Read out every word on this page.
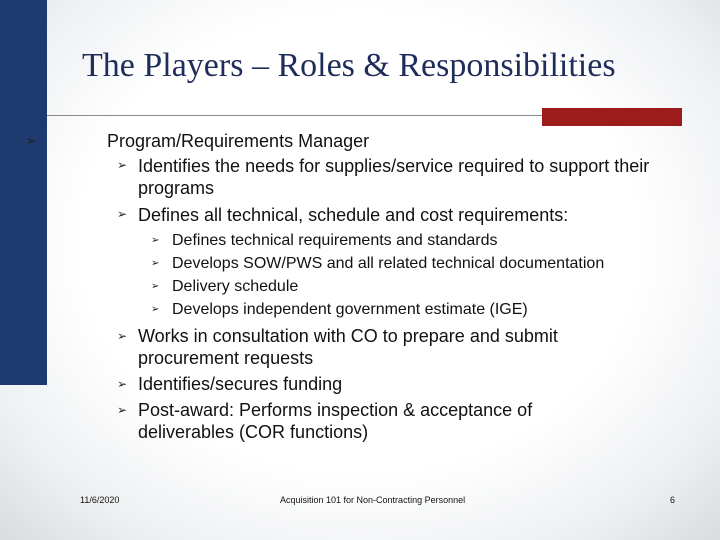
The Players – Roles & Responsibilities
➢	Program/Requirements Manager
➢ Identifies the needs for supplies/service required to support their programs
➢ Defines all technical, schedule and cost requirements:
➢ Defines technical requirements and standards
➢ Develops SOW/PWS and all related technical documentation
➢ Delivery schedule
➢ Develops independent government estimate (IGE)
➢ Works in consultation with CO to prepare and submit procurement requests
➢ Identifies/secures funding
➢ Post-award: Performs inspection & acceptance of deliverables (COR functions)
11/6/2020	Acquisition 101 for Non-Contracting Personnel	6
